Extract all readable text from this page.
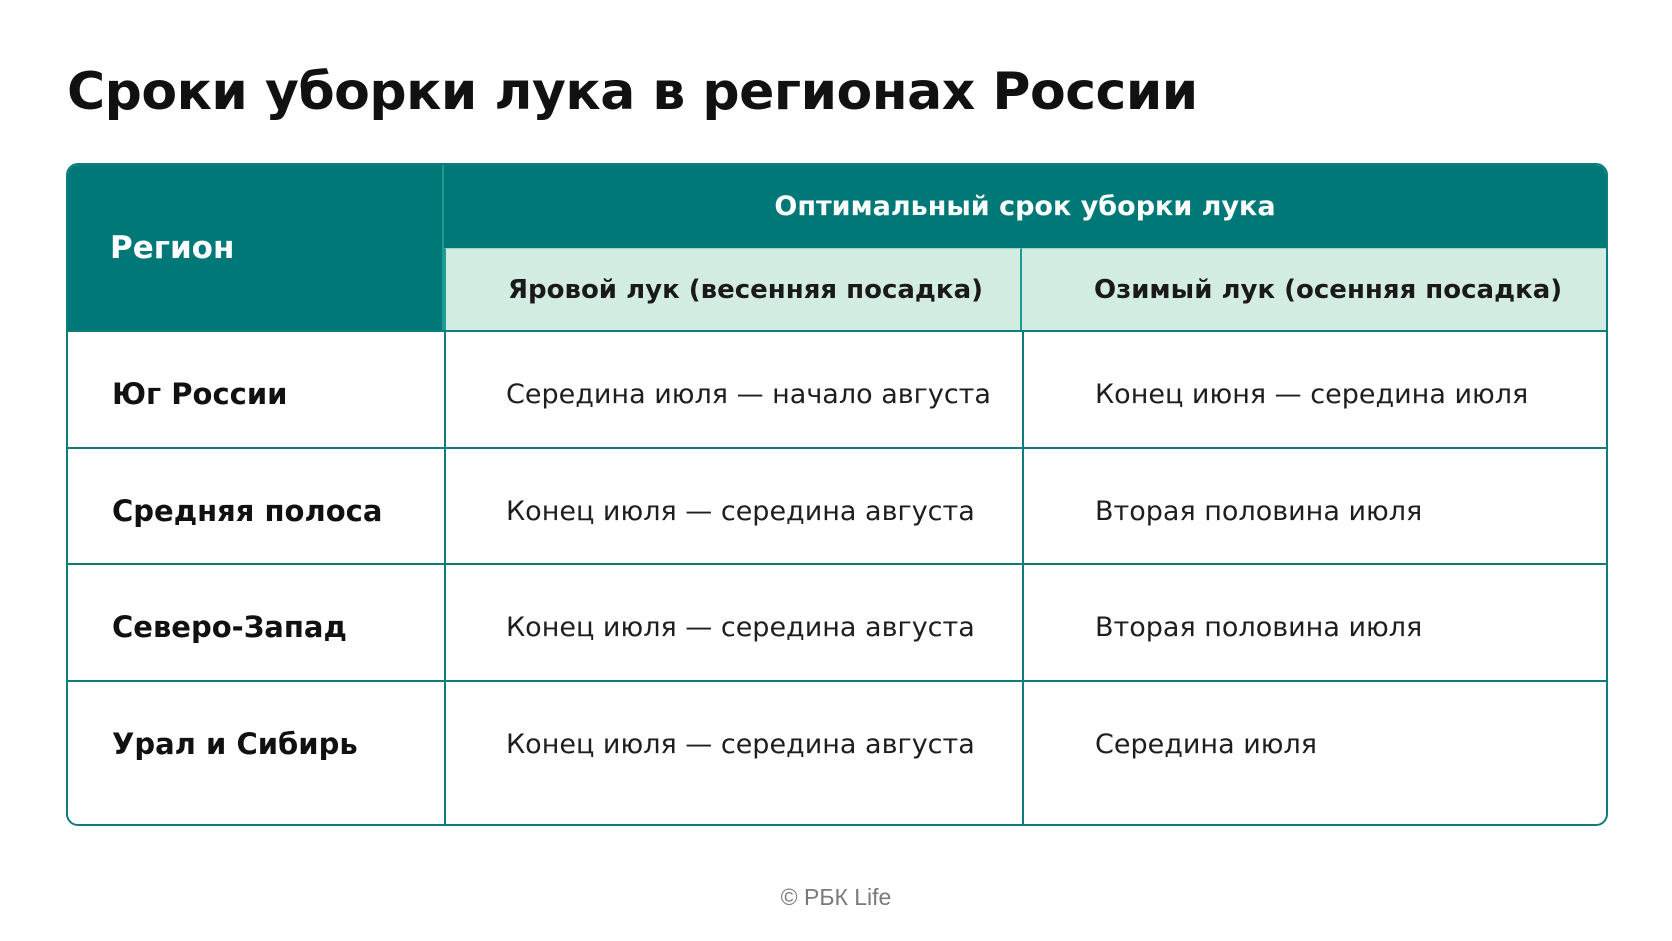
Сроки уборки лука в регионах России
Регион
Оптимальный срок уборки лука
Яровой лук (весенняя посадка)	Озимый лук (осенняя посадка)
Юг России	Середина июля — начало августа	Конец июня — середина июля
Средняя полоса	Конец июля — середина августа	Вторая половина июля
Северо-Запад	Конец июля — середина августа	Вторая половина июля
Урал и Сибирь	Конец июля — середина августа	Середина июля
© РБК Life
